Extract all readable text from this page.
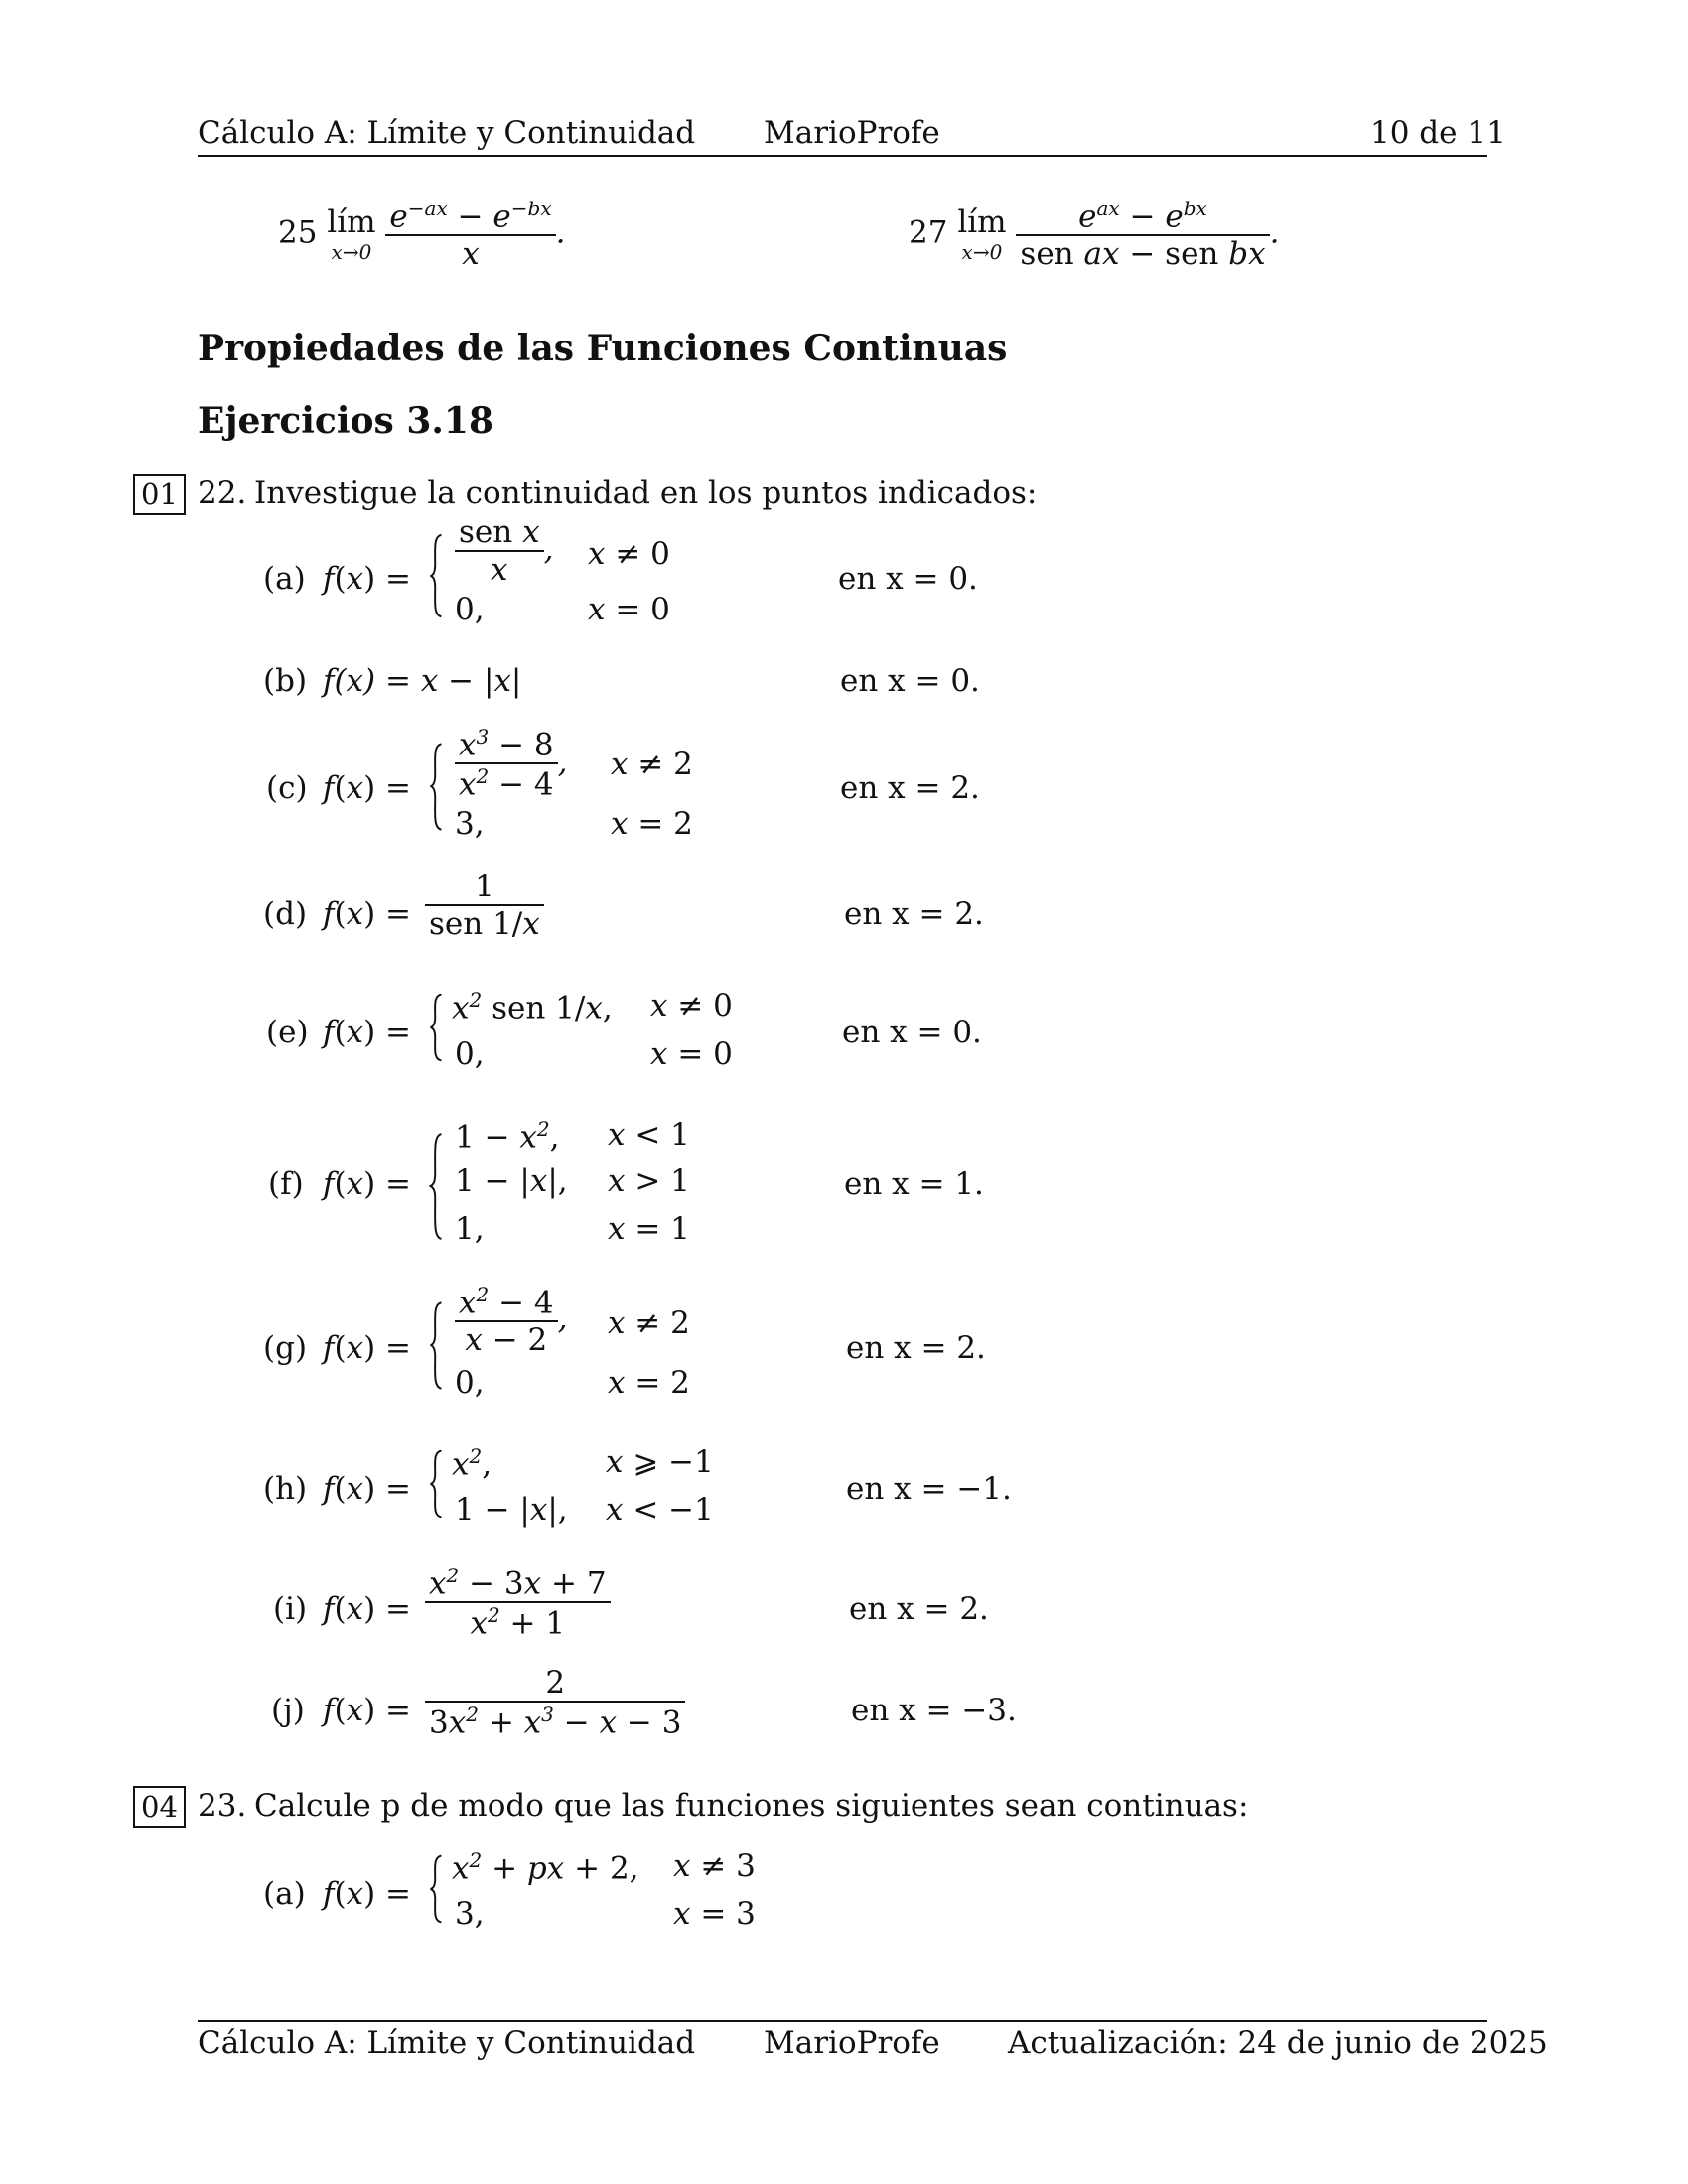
Cálculo A: Límite y Continuidad MarioProfe	10 de 11
25 lím
x→0
$\frac{e^{-ax} - e^{-bx}}{x}$ .	27 lím
x→0
$\frac{e^{ax} - e^{bx}}{\text{sen ax − sen bx}}$ .
Propiedades de las Funciones Continuas
Ejercicios 3.18
01 22. Investigue la continuidad en los puntos indicados:
(a) $f(x) = \frac{\text{sen x}}{x}$ , x ≠ 0
0,	x = 0
en x = 0.
(b) f(x) = x − |x|	en x = 0.
(c) $f(x) = \frac{x^3 - 8}{x^2 - 4}$ , x ≠ 2
3,	x = 2
en x = 2.
(d) $f(x) = \frac{1}{\text{sen 1/x}}$	en x = 2.
(e) f(x) =
$x^2$ sen 1/x, x ≠ 0
0,	x = 0
en x = 0.
(f) f(x) =
$1 - x^2$, x < 1
1 − |x|, x > 1
1,	x = 1
en x = 1.
(g) $f(x) = \frac{x^2 - 4}{x - 2}$ , x ≠ 2
0,	x = 2
en x = 2.
(h) f(x) =
$x^2$,	x ⩾ −1
1 − |x|, x < −1
en x = −1.
(i) $f(x) = \frac{x^2 - 3x + 7}{x^2 + 1}$	en x = 2.
(j) $f(x) = \frac{2}{3x^2 + x^3 - x - 3}$	en x = −3.
04 23. Calcule p de modo que las funciones siguientes sean continuas:
(a) f(x) =
$x^2$ + px + 2, x ≠ 3
3,	x = 3
Cálculo A: Límite y Continuidad MarioProfe Actualización: 24 de junio de 2025
